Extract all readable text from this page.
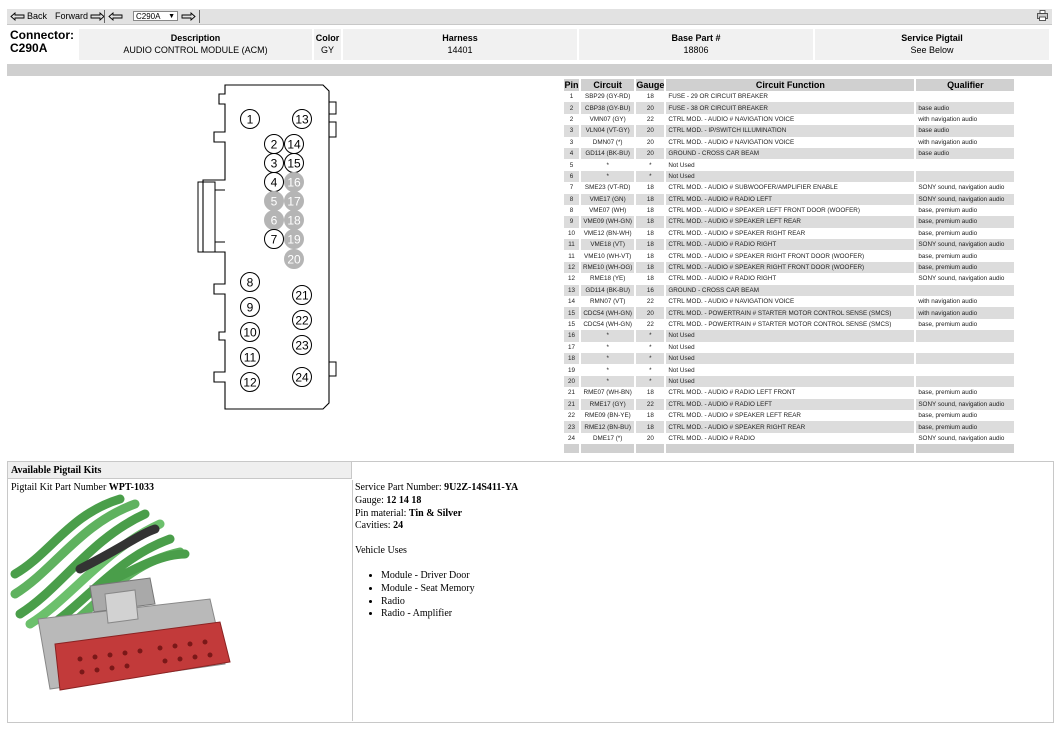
Back Forward	C290A ▼
Connector:
C290A
Description
AUDIO CONTROL MODULE (ACM)
Color
GY
Harness
14401
Base Part #
18806
Service Pigtail
See Below
1
2
3
4
5
6
7
8
9
10
11
12
13
14
15
16
17
18
19
20
21
22
23
24
Pin	Circuit	Gauge	Circuit Function	Qualifier
1	SBP29 (GY-RD)	18	FUSE - 29 OR CIRCUIT BREAKER	
2	CBP38 (GY-BU)	20	FUSE - 38 OR CIRCUIT BREAKER	base audio
2	VMN07 (GY)	22	CTRL MOD. - AUDIO # NAVIGATION VOICE	with navigation audio
3	VLN04 (VT-GY)	20	CTRL MOD. - IP/SWITCH ILLUMINATION	base audio
3	DMN07 (*)	20	CTRL MOD. - AUDIO # NAVIGATION VOICE	with navigation audio
4	GD114 (BK-BU)	20	GROUND - CROSS CAR BEAM	base audio
5	*	*	Not Used	
6	*	*	Not Used	
7	SME23 (VT-RD)	18	CTRL MOD. - AUDIO # SUBWOOFER/AMPLIFIER ENABLE	SONY sound, navigation audio
8	VME17 (GN)	18	CTRL MOD. - AUDIO # RADIO LEFT	SONY sound, navigation audio
8	VME07 (WH)	18	CTRL MOD. - AUDIO # SPEAKER LEFT FRONT DOOR (WOOFER)	base, premium audio
9	VME09 (WH-GN)	18	CTRL MOD. - AUDIO # SPEAKER LEFT REAR	base, premium audio
10	VME12 (BN-WH)	18	CTRL MOD. - AUDIO # SPEAKER RIGHT REAR	base, premium audio
11	VME18 (VT)	18	CTRL MOD. - AUDIO # RADIO RIGHT	SONY sound, navigation audio
11	VME10 (WH-VT)	18	CTRL MOD. - AUDIO # SPEAKER RIGHT FRONT DOOR (WOOFER)	base, premium audio
12	RME10 (WH-OG)	18	CTRL MOD. - AUDIO # SPEAKER RIGHT FRONT DOOR (WOOFER)	base, premium audio
12	RME18 (YE)	18	CTRL MOD. - AUDIO # RADIO RIGHT	SONY sound, navigation audio
13	GD114 (BK-BU)	16	GROUND - CROSS CAR BEAM	
14	RMN07 (VT)	22	CTRL MOD. - AUDIO # NAVIGATION VOICE	with navigation audio
15	CDC54 (WH-GN)	20	CTRL MOD. - POWERTRAIN # STARTER MOTOR CONTROL SENSE (SMCS)	with navigation audio
15	CDC54 (WH-GN)	22	CTRL MOD. - POWERTRAIN # STARTER MOTOR CONTROL SENSE (SMCS)	base, premium audio
16	*	*	Not Used	
17	*	*	Not Used	
18	*	*	Not Used	
19	*	*	Not Used	
20	*	*	Not Used	
21	RME07 (WH-BN)	18	CTRL MOD. - AUDIO # RADIO LEFT FRONT	base, premium audio
21	RME17 (GY)	22	CTRL MOD. - AUDIO # RADIO LEFT	SONY sound, navigation audio
22	RME09 (BN-YE)	18	CTRL MOD. - AUDIO # SPEAKER LEFT REAR	base, premium audio
23	RME12 (BN-BU)	18	CTRL MOD. - AUDIO # SPEAKER RIGHT REAR	base, premium audio
24	DME17 (*)	20	CTRL MOD. - AUDIO # RADIO	SONY sound, navigation audio

Available Pigtail Kits
Pigtail Kit Part Number WPT-1033	Service Part Number: 9U2Z-14S411-YA
Gauge: 12 14 18
Pin material: Tin & Silver
Cavities: 24
Vehicle Uses
• Module - Driver Door
• Module - Seat Memory
• Radio
• Radio - Amplifier
